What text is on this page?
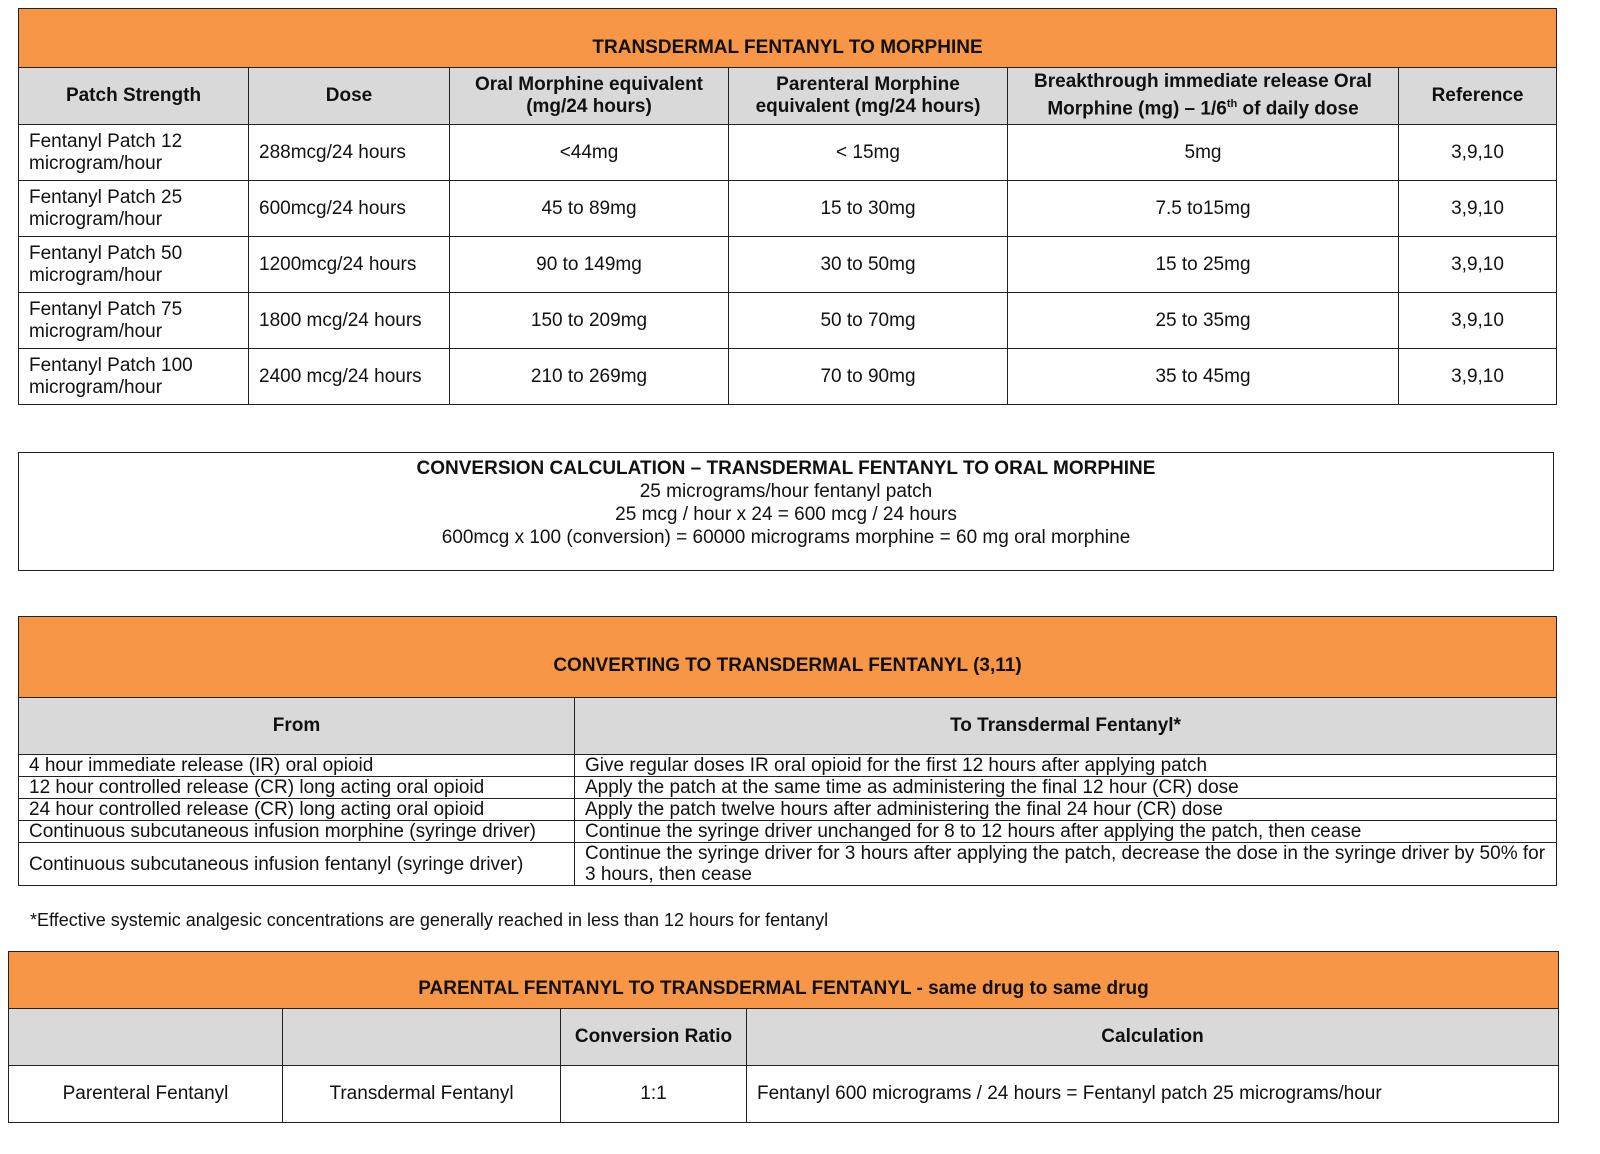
TRANSDERMAL FENTANYL TO MORPHINE					
Patch Strength	Dose	Oral Morphine equivalent (mg/24 hours)	Parenteral Morphine equivalent (mg/24 hours)	Breakthrough immediate release Oral Morphine (mg) – 1/6th of daily dose	Reference
Fentanyl Patch 12 microgram/hour	288mcg/24 hours	<44mg	< 15mg	5mg	3,9,10
Fentanyl Patch 25 microgram/hour	600mcg/24 hours	45 to 89mg	15 to 30mg	7.5 to15mg	3,9,10
Fentanyl Patch 50 microgram/hour	1200mcg/24 hours	90 to 149mg	30 to 50mg	15 to 25mg	3,9,10
Fentanyl Patch 75 microgram/hour	1800 mcg/24 hours	150 to 209mg	50 to 70mg	25 to 35mg	3,9,10
Fentanyl Patch 100 microgram/hour	2400 mcg/24 hours	210 to 269mg	70 to 90mg	35 to 45mg	3,9,10
CONVERSION CALCULATION – TRANSDERMAL FENTANYL TO ORAL MORPHINE
25 micrograms/hour fentanyl patch
25 mcg / hour x 24 = 600 mcg / 24 hours
600mcg x 100 (conversion) = 60000 micrograms morphine = 60 mg oral morphine
CONVERTING TO TRANSDERMAL FENTANYL (3,11)	
From	To Transdermal Fentanyl*
4 hour immediate release (IR) oral opioid	Give regular doses IR oral opioid for the first 12 hours after applying patch
12 hour controlled release (CR) long acting oral opioid	Apply the patch at the same time as administering the final 12 hour (CR) dose
24 hour controlled release (CR) long acting oral opioid	Apply the patch twelve hours after administering the final 24 hour (CR) dose
Continuous subcutaneous infusion morphine (syringe driver)	Continue the syringe driver unchanged for 8 to 12 hours after applying the patch, then cease
Continuous subcutaneous infusion fentanyl (syringe driver)	Continue the syringe driver for 3 hours after applying the patch, decrease the dose in the syringe driver by 50% for 3 hours, then cease
*Effective systemic analgesic concentrations are generally reached in less than 12 hours for fentanyl
PARENTAL FENTANYL TO TRANSDERMAL FENTANYL - same drug to same drug			
		Conversion Ratio	Calculation
Parenteral Fentanyl	Transdermal Fentanyl	1:1	Fentanyl 600 micrograms / 24 hours = Fentanyl patch 25 micrograms/hour
